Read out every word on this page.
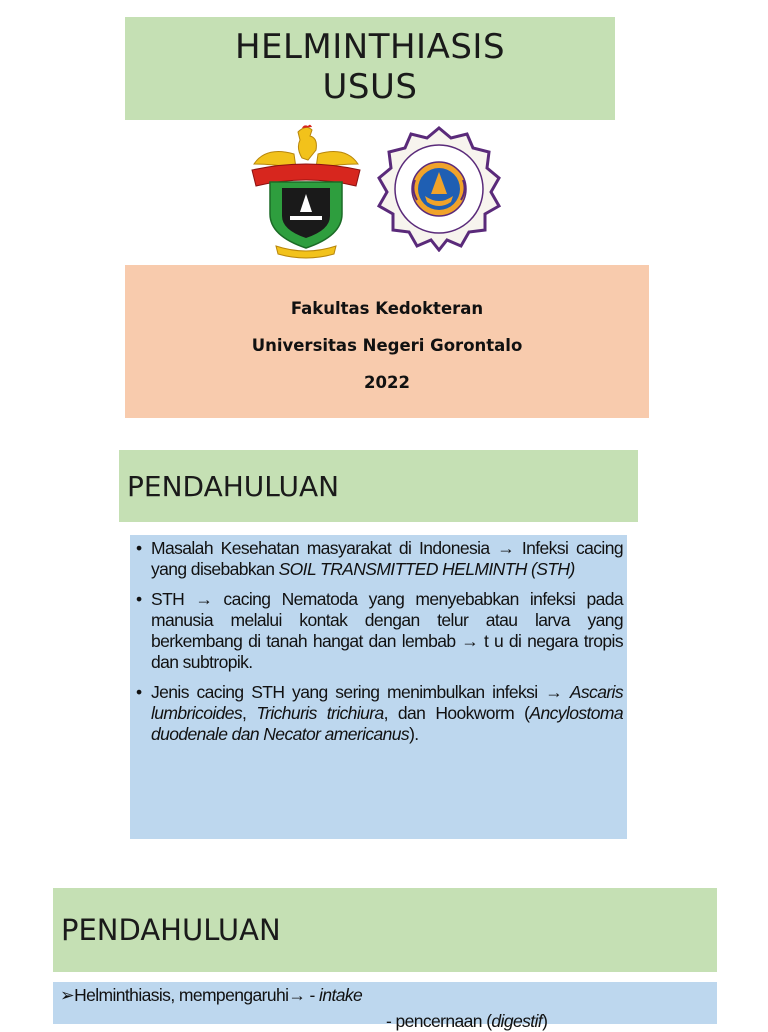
HELMINTHIASIS
USUS
Fakultas Kedokteran
Universitas Negeri Gorontalo
2022
PENDAHULUAN
• Masalah Kesehatan masyarakat di Indonesia → Infeksi cacing yang disebabkan SOIL TRANSMITTED HELMINTH (STH)
• STH → cacing Nematoda yang menyebabkan infeksi pada manusia melalui kontak dengan telur atau larva yang berkembang di tanah hangat dan lembab → t u di negara tropis dan subtropik.
• Jenis cacing STH yang sering menimbulkan infeksi → Ascaris lumbricoides, Trichuris trichiura, dan Hookworm (Ancylostoma duodenale dan Necator americanus).
PENDAHULUAN
➢Helminthiasis, mempengaruhi→ - intake
- pencernaan (digestif)
